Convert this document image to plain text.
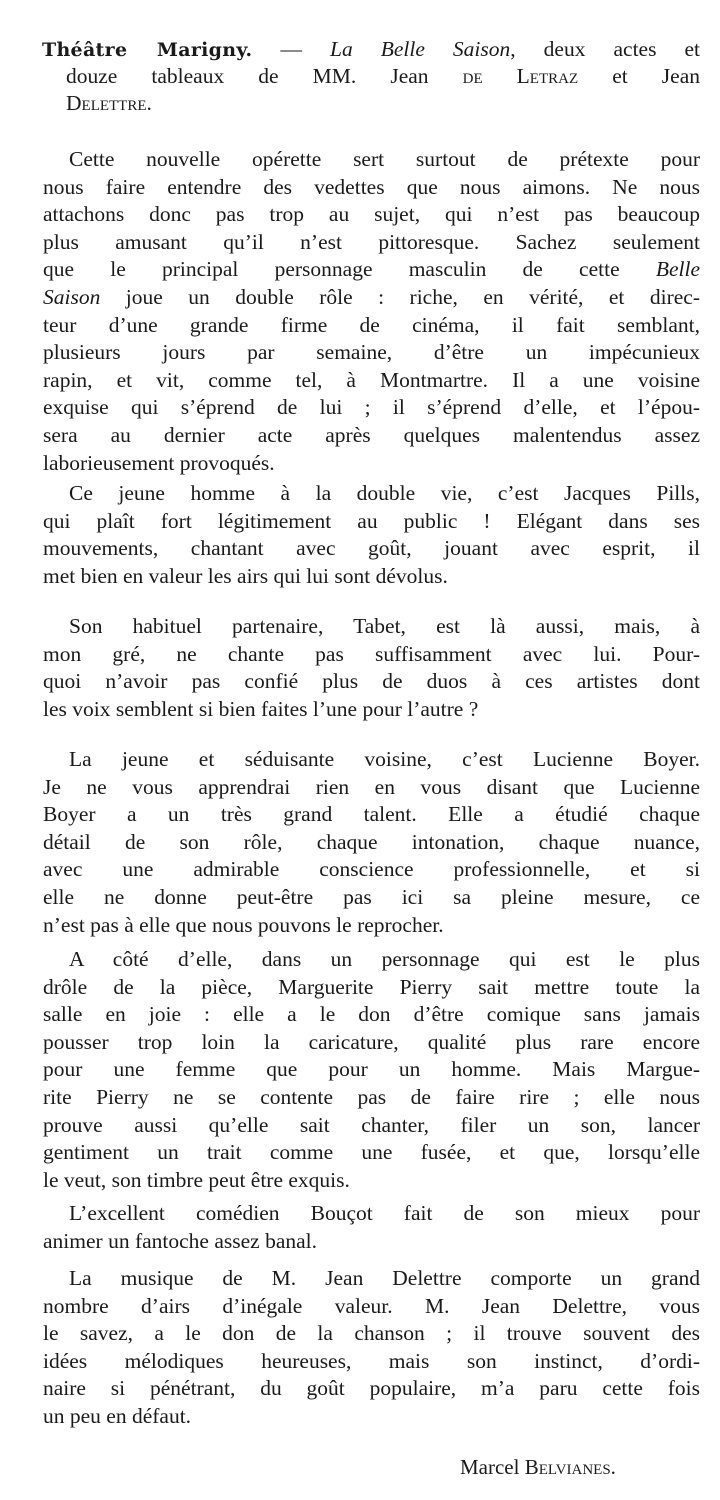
Théâtre Marigny. — La Belle Saison, deux actes et
douze tableaux de MM. Jean de Letraz et Jean
Delettre.
Cette nouvelle opérette sert surtout de prétexte pour
nous faire entendre des vedettes que nous aimons. Ne nous
attachons donc pas trop au sujet, qui n’est pas beaucoup
plus amusant qu’il n’est pittoresque. Sachez seulement
que le principal personnage masculin de cette Belle
Saison joue un double rôle : riche, en vérité, et direc-
teur d’une grande firme de cinéma, il fait semblant,
plusieurs jours par semaine, d’être un impécunieux
rapin, et vit, comme tel, à Montmartre. Il a une voisine
exquise qui s’éprend de lui ; il s’éprend d’elle, et l’épou-
sera au dernier acte après quelques malentendus assez
laborieusement provoqués.
Ce jeune homme à la double vie, c’est Jacques Pills,
qui plaît fort légitimement au public ! Elégant dans ses
mouvements, chantant avec goût, jouant avec esprit, il
met bien en valeur les airs qui lui sont dévolus.
Son habituel partenaire, Tabet, est là aussi, mais, à
mon gré, ne chante pas suffisamment avec lui. Pour-
quoi n’avoir pas confié plus de duos à ces artistes dont
les voix semblent si bien faites l’une pour l’autre ?
La jeune et séduisante voisine, c’est Lucienne Boyer.
Je ne vous apprendrai rien en vous disant que Lucienne
Boyer a un très grand talent. Elle a étudié chaque
détail de son rôle, chaque intonation, chaque nuance,
avec une admirable conscience professionnelle, et si
elle ne donne peut-être pas ici sa pleine mesure, ce
n’est pas à elle que nous pouvons le reprocher.
A côté d’elle, dans un personnage qui est le plus
drôle de la pièce, Marguerite Pierry sait mettre toute la
salle en joie : elle a le don d’être comique sans jamais
pousser trop loin la caricature, qualité plus rare encore
pour une femme que pour un homme. Mais Margue-
rite Pierry ne se contente pas de faire rire ; elle nous
prouve aussi qu’elle sait chanter, filer un son, lancer
gentiment un trait comme une fusée, et que, lorsqu’elle
le veut, son timbre peut être exquis.
L’excellent comédien Bouçot fait de son mieux pour
animer un fantoche assez banal.
La musique de M. Jean Delettre comporte un grand
nombre d’airs d’inégale valeur. M. Jean Delettre, vous
le savez, a le don de la chanson ; il trouve souvent des
idées mélodiques heureuses, mais son instinct, d’ordi-
naire si pénétrant, du goût populaire, m’a paru cette fois
un peu en défaut.
Marcel Belvianes.
